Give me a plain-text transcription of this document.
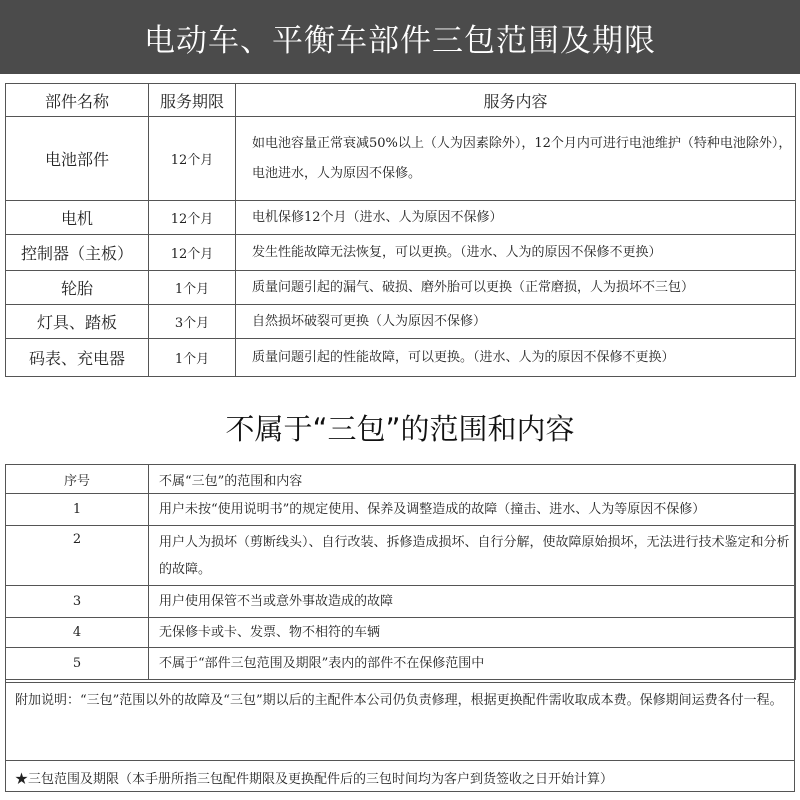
电动车、平衡车部件三包范围及期限
部件名称	服务期限	服务内容
电池部件	12个月	如电池容量正常衰减50%以上（人为因素除外），12个月内可进行电池维护（特种电池除外），电池进水，人为原因不保修。
电机	12个月	电机保修12个月（进水、人为原因不保修）
控制器（主板）	12个月	发生性能故障无法恢复，可以更换。（进水、人为的原因不保修不更换）
轮胎	1个月	质量问题引起的漏气、破损、磨外胎可以更换（正常磨损，人为损坏不三包）
灯具、踏板	3个月	自然损坏破裂可更换（人为原因不保修）
码表、充电器	1个月	质量问题引起的性能故障，可以更换。（进水、人为的原因不保修不更换）
不属于“三包”的范围和内容
序号	不属“三包”的范围和内容
1	用户未按“使用说明书”的规定使用、保养及调整造成的故障（撞击、进水、人为等原因不保修）
2	用户人为损坏（剪断线头）、自行改装、拆修造成损坏、自行分解，使故障原始损坏，无法进行技术鉴定和分析的故障。
3	用户使用保管不当或意外事故造成的故障
4	无保修卡或卡、发票、物不相符的车辆
5	不属于“部件三包范围及期限”表内的部件不在保修范围中
附加说明：“三包”范围以外的故障及“三包”期以后的主配件本公司仍负责修理，根据更换配件需收取成本费。保修期间运费各付一程。
★三包范围及期限（本手册所指三包配件期限及更换配件后的三包时间均为客户到货签收之日开始计算）
